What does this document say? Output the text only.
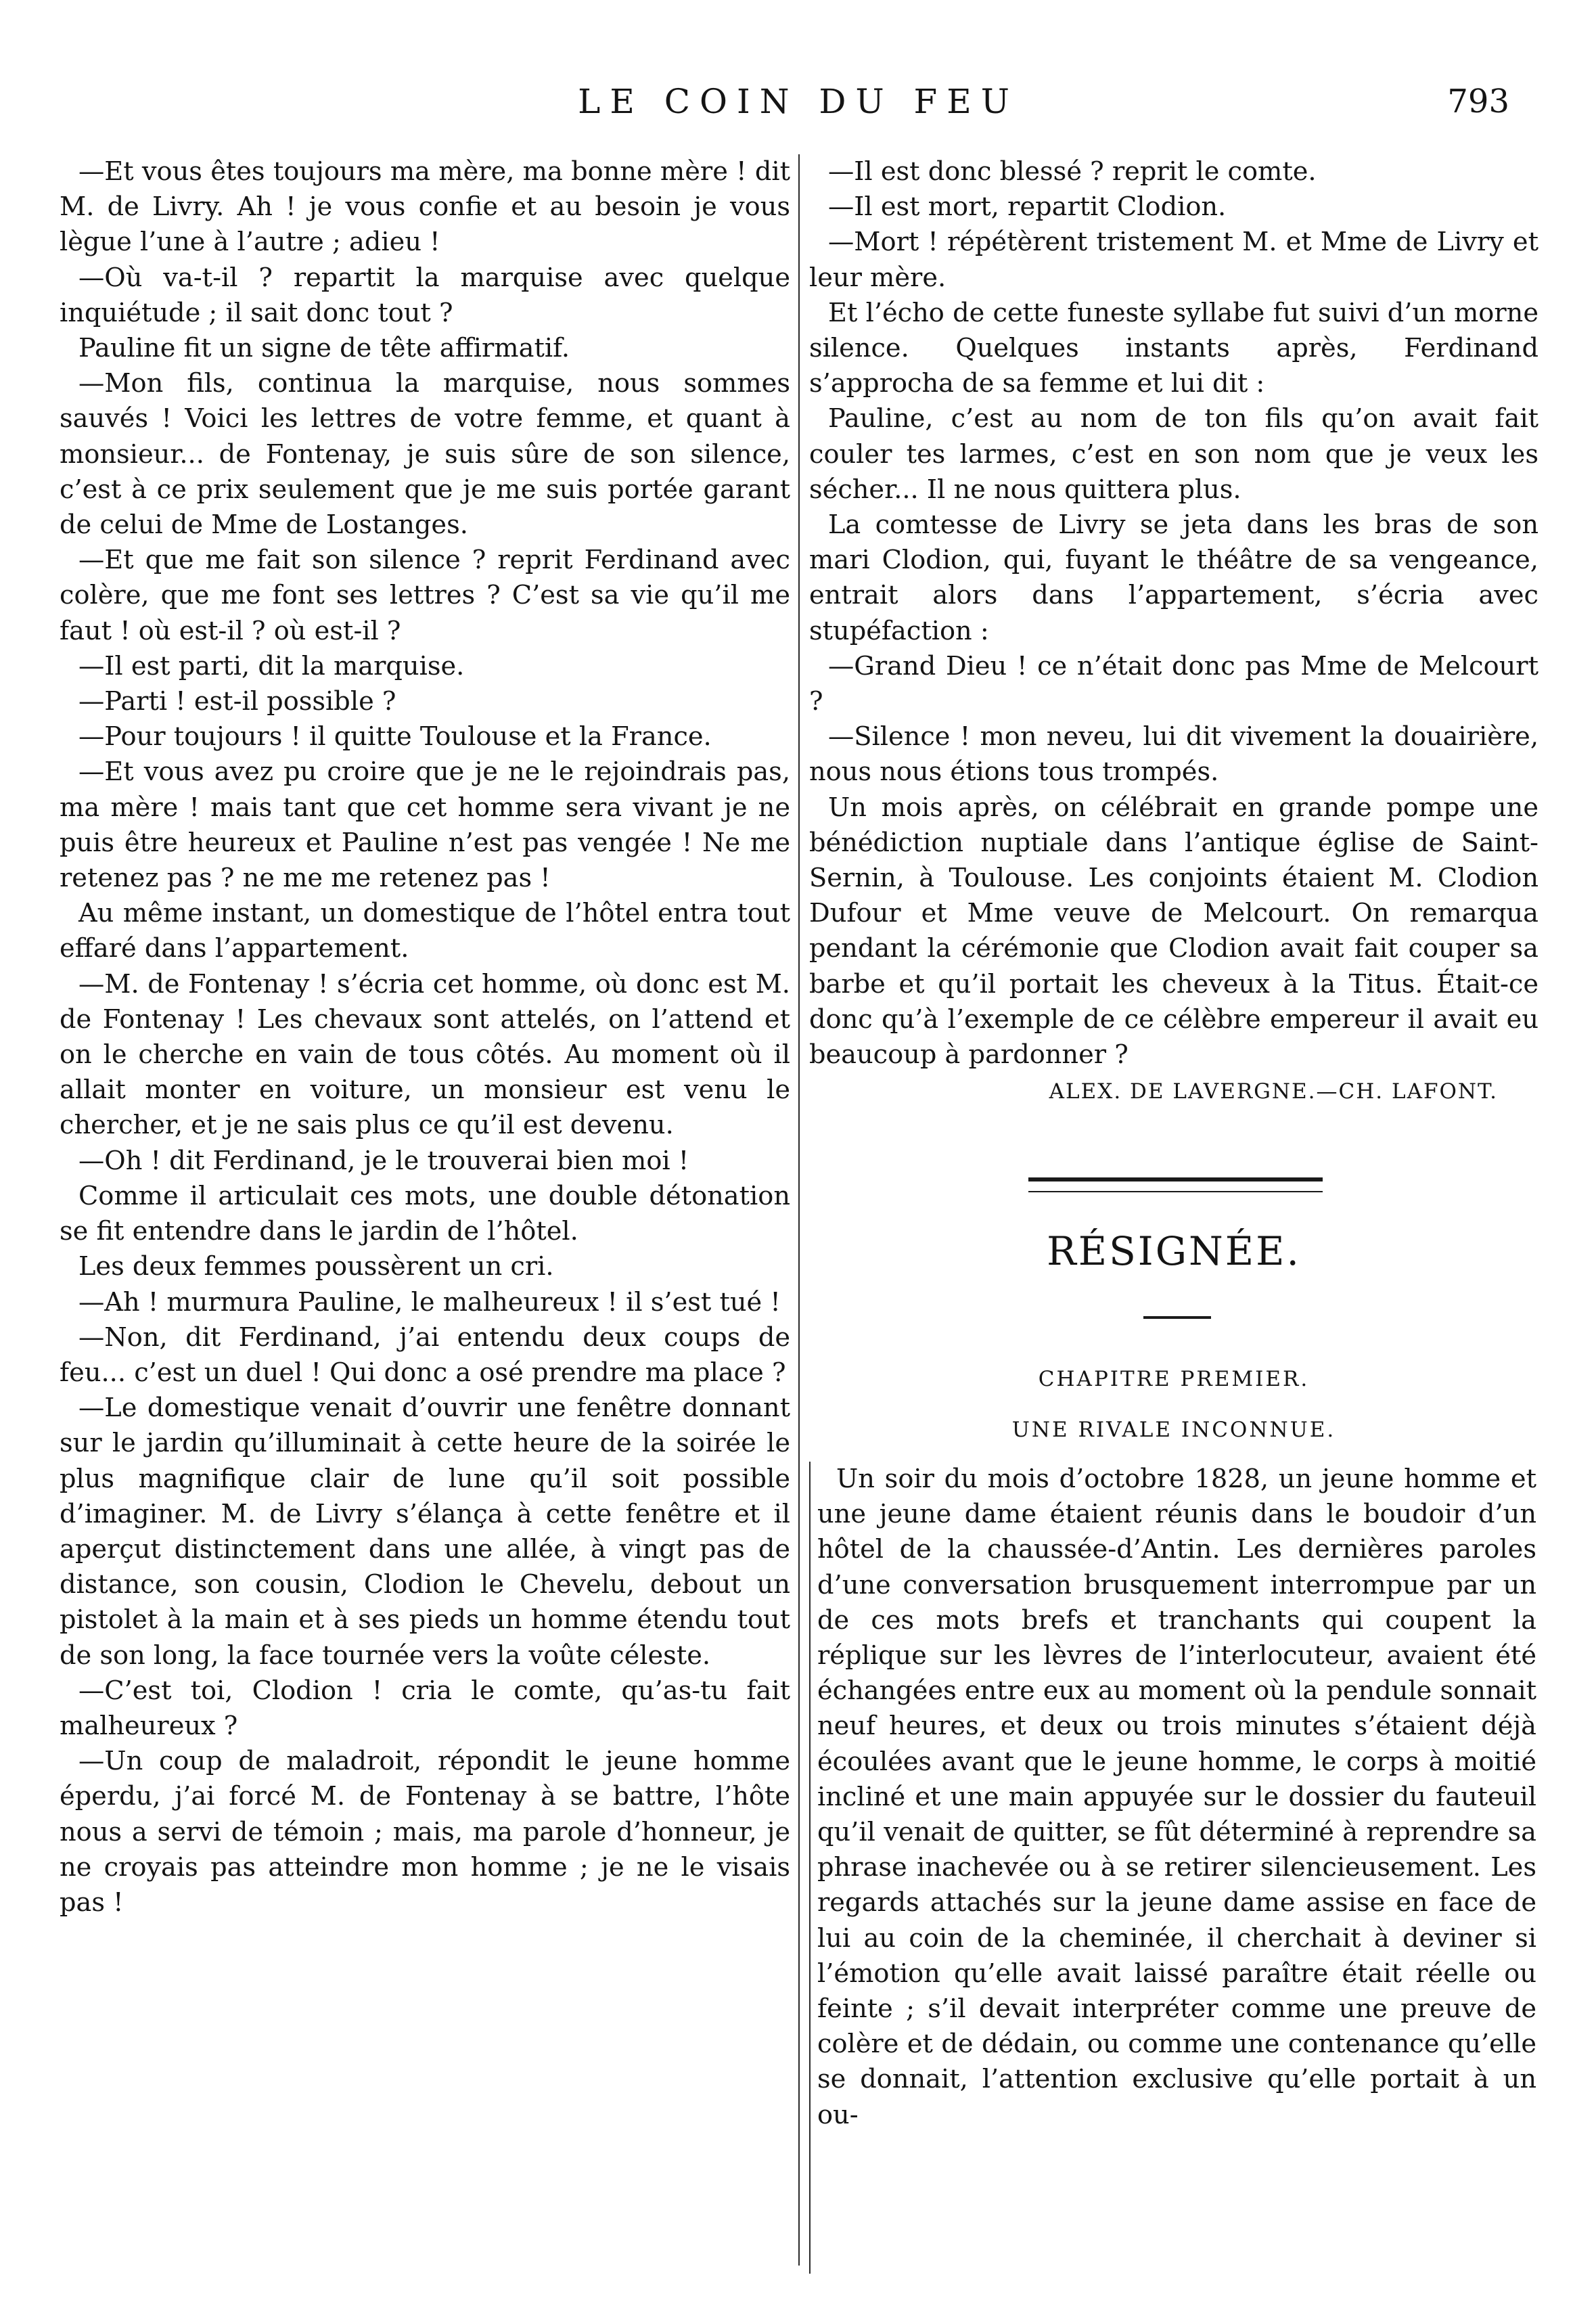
LE COIN DU FEU	793

—Et vous êtes toujours ma mère, ma bonne mère ! dit M. de Livry. Ah ! je vous confie et au besoin je vous lègue l’une à l’autre ; adieu !

—Où va-t-il ? repartit la marquise avec quelque inquiétude ; il sait donc tout ?

Pauline fit un signe de tête affirmatif.

—Mon fils, continua la marquise, nous sommes sauvés ! Voici les lettres de votre femme, et quant à monsieur... de Fontenay, je suis sûre de son silence, c’est à ce prix seulement que je me suis portée garant de celui de Mme de Lostanges.

—Et que me fait son silence ? reprit Ferdinand avec colère, que me font ses lettres ? C’est sa vie qu’il me faut ! où est-il ? où est-il ?

—Il est parti, dit la marquise.

—Parti ! est-il possible ?

—Pour toujours ! il quitte Toulouse et la France.

—Et vous avez pu croire que je ne le rejoindrais pas, ma mère ! mais tant que cet homme sera vivant je ne puis être heureux et Pauline n’est pas vengée ! Ne me retenez pas ? ne me me retenez pas !

Au même instant, un domestique de l’hôtel entra tout effaré dans l’appartement.

—M. de Fontenay ! s’écria cet homme, où donc est M. de Fontenay ! Les chevaux sont attelés, on l’attend et on le cherche en vain de tous côtés. Au moment où il allait monter en voiture, un monsieur est venu le chercher, et je ne sais plus ce qu’il est devenu.

—Oh ! dit Ferdinand, je le trouverai bien moi !

Comme il articulait ces mots, une double détonation se fit entendre dans le jardin de l’hôtel.

Les deux femmes poussèrent un cri.

—Ah ! murmura Pauline, le malheureux ! il s’est tué !

—Non, dit Ferdinand, j’ai entendu deux coups de feu... c’est un duel ! Qui donc a osé prendre ma place ?

—Le domestique venait d’ouvrir une fenêtre donnant sur le jardin qu’illuminait à cette heure de la soirée le plus magnifique clair de lune qu’il soit possible d’imaginer. M. de Livry s’élança à cette fenêtre et il aperçut distinctement dans une allée, à vingt pas de distance, son cousin, Clodion le Chevelu, debout un pistolet à la main et à ses pieds un homme étendu tout de son long, la face tournée vers la voûte céleste.

—C’est toi, Clodion ! cria le comte, qu’as-tu fait malheureux ?

—Un coup de maladroit, répondit le jeune homme éperdu, j’ai forcé M. de Fontenay à se battre, l’hôte nous a servi de témoin ; mais, ma parole d’honneur, je ne croyais pas atteindre mon homme ; je ne le visais pas !

—Il est donc blessé ? reprit le comte.

—Il est mort, repartit Clodion.

—Mort ! répétèrent tristement M. et Mme de Livry et leur mère.

Et l’écho de cette funeste syllabe fut suivi d’un morne silence. Quelques instants après, Ferdinand s’approcha de sa femme et lui dit :

Pauline, c’est au nom de ton fils qu’on avait fait couler tes larmes, c’est en son nom que je veux les sécher... Il ne nous quittera plus.

La comtesse de Livry se jeta dans les bras de son mari Clodion, qui, fuyant le théâtre de sa vengeance, entrait alors dans l’appartement, s’écria avec stupéfaction :

—Grand Dieu ! ce n’était donc pas Mme de Melcourt ?

—Silence ! mon neveu, lui dit vivement la douairière, nous nous étions tous trompés.

Un mois après, on célébrait en grande pompe une bénédiction nuptiale dans l’antique église de Saint-Sernin, à Toulouse. Les conjoints étaient M. Clodion Dufour et Mme veuve de Melcourt. On remarqua pendant la cérémonie que Clodion avait fait couper sa barbe et qu’il portait les cheveux à la Titus. Était-ce donc qu’à l’exemple de ce célèbre empereur il avait eu beaucoup à pardonner ?

ALEX. DE LAVERGNE.—CH. LAFONT.
RÉSIGNÉE.
CHAPITRE PREMIER.
UNE RIVALE INCONNUE.

Un soir du mois d’octobre 1828, un jeune homme et une jeune dame étaient réunis dans le boudoir d’un hôtel de la chaussée-d’Antin. Les dernières paroles d’une conversation brusquement interrompue par un de ces mots brefs et tranchants qui coupent la réplique sur les lèvres de l’interlocuteur, avaient été échangées entre eux au moment où la pendule sonnait neuf heures, et deux ou trois minutes s’étaient déjà écoulées avant que le jeune homme, le corps à moitié incliné et une main appuyée sur le dossier du fauteuil qu’il venait de quitter, se fût déterminé à reprendre sa phrase inachevée ou à se retirer silencieusement. Les regards attachés sur la jeune dame assise en face de lui au coin de la cheminée, il cherchait à deviner si l’émotion qu’elle avait laissé paraître était réelle ou feinte ; s’il devait interpréter comme une preuve de colère et de dédain, ou comme une contenance qu’elle se donnait, l’attention exclusive qu’elle portait à un ou-
